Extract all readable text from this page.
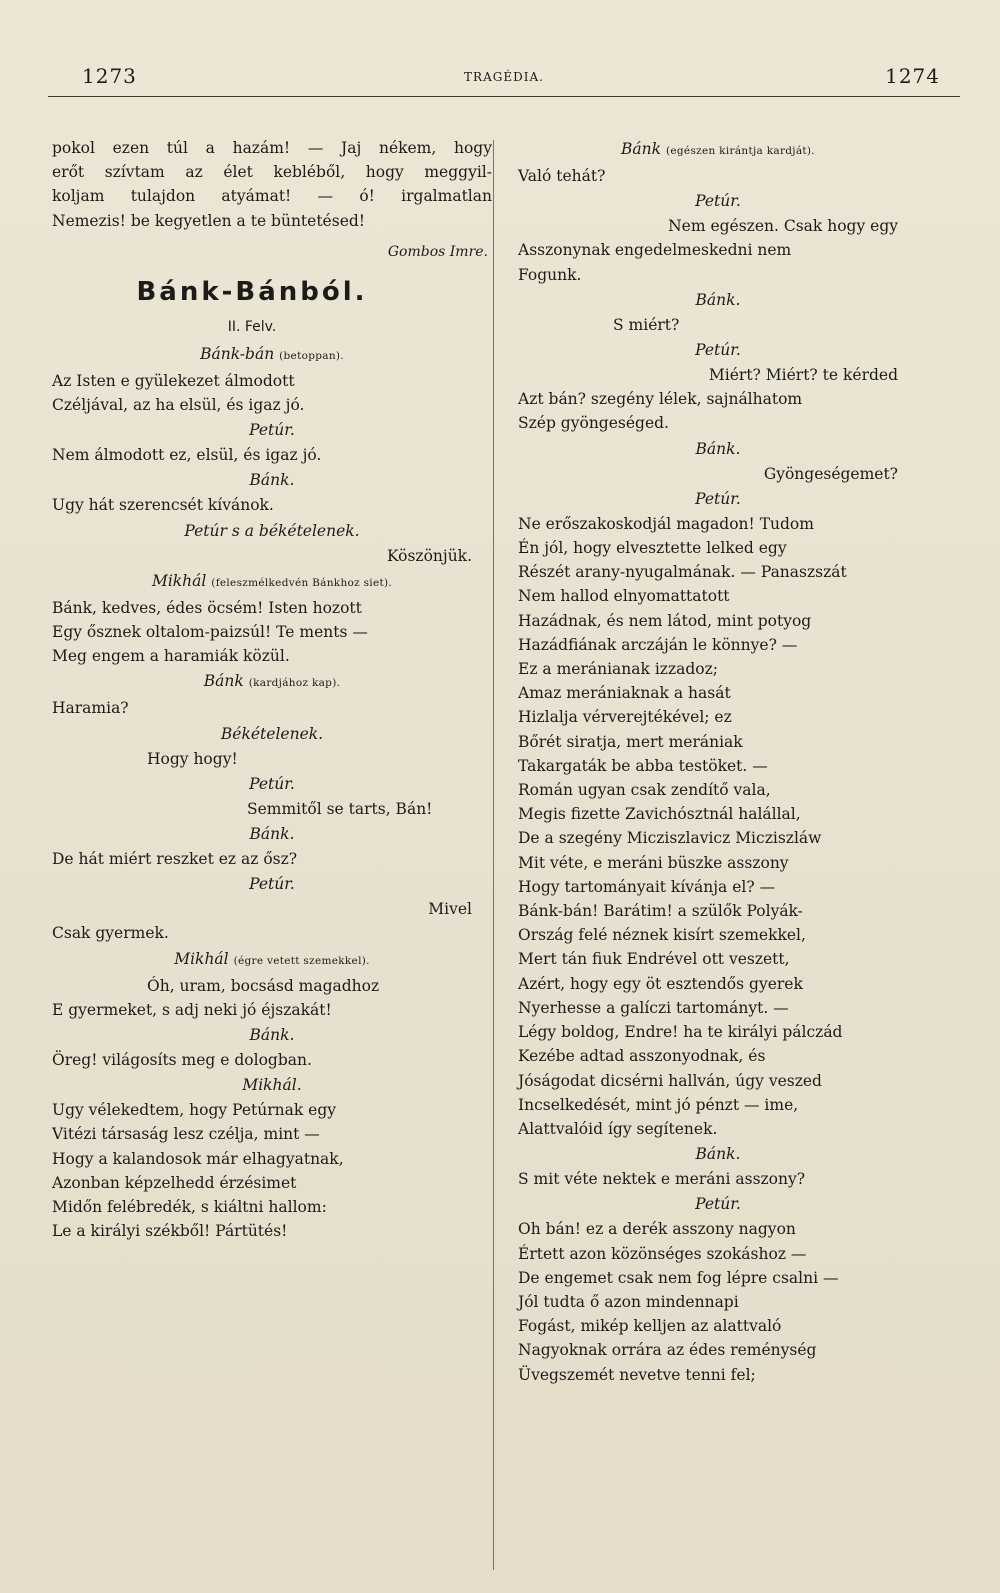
1273	TRAGÉDIA.	1274
pokol ezen túl a hazám! — Jaj nékem, hogy
erőt szívtam az élet kebléből, hogy meggyil-
koljam tulajdon atyámat! — ó! irgalmatlan
Nemezis! be kegyetlen a te büntetésed!
Gombos Imre.
Bánk-Bánból.
II. Felv.
Bánk-bán (betoppan).
Az Isten e gyülekezet álmodott
Czéljával, az ha elsül, és igaz jó.
Petúr.
Nem álmodott ez, elsül, és igaz jó.
Bánk.
Ugy hát szerencsét kívánok.
Petúr s a békételenek.
Köszönjük.
Mikhál (feleszmélkedvén Bánkhoz siet).
Bánk, kedves, édes öcsém! Isten hozott
Egy ősznek oltalom-paizsúl! Te ments —
Meg engem a haramiák közül.
Bánk (kardjához kap).
Haramia?
Békételenek.
Hogy hogy!
Petúr.
Semmitől se tarts, Bán!
Bánk.
De hát miért reszket ez az ősz?
Petúr.
Mivel
Csak gyermek.
Mikhál (égre vetett szemekkel).
Óh, uram, bocsásd magadhoz
E gyermeket, s adj neki jó éjszakát!
Bánk.
Öreg! világosíts meg e dologban.
Mikhál.
Ugy vélekedtem, hogy Petúrnak egy
Vitézi társaság lesz czélja, mint —
Hogy a kalandosok már elhagyatnak,
Azonban képzelhedd érzésimet
Midőn felébredék, s kiáltni hallom:
Le a királyi székből! Pártütés!
Bánk (egészen kirántja kardját).
Való tehát?
Petúr.
Nem egészen. Csak hogy egy
Asszonynak engedelmeskedni nem
Fogunk.
Bánk.
S miért?
Petúr.
Miért? Miért? te kérded
Azt bán? szegény lélek, sajnálhatom
Szép gyöngeséged.
Bánk.
Gyöngeségemet?
Petúr.
Ne erőszakoskodjál magadon! Tudom
Én jól, hogy elvesztette lelked egy
Részét arany-nyugalmának. — Panaszszát
Nem hallod elnyomattatott
Hazádnak, és nem látod, mint potyog
Hazádfiának arczáján le könnye? —
Ez a meránianak izzadoz;
Amaz merániaknak a hasát
Hizlalja vérverejtékével; ez
Bőrét siratja, mert merániak
Takargaták be abba testöket. —
Román ugyan csak zendítő vala,
Megis fizette Zavichósztnál halállal,
De a szegény Micziszlavicz Micziszláw
Mit véte, e meráni büszke asszony
Hogy tartományait kívánja el? —
Bánk-bán! Barátim! a szülők Polyák-
Ország felé néznek kisírt szemekkel,
Mert tán fiuk Endrével ott veszett,
Azért, hogy egy öt esztendős gyerek
Nyerhesse a galíczi tartományt. —
Légy boldog, Endre! ha te királyi pálczád
Kezébe adtad asszonyodnak, és
Jóságodat dicsérni hallván, úgy veszed
Incselkedését, mint jó pénzt — ime,
Alattvalóid így segítenek.
Bánk.
S mit véte nektek e meráni asszony?
Petúr.
Oh bán! ez a derék asszony nagyon
Értett azon közönséges szokáshoz —
De engemet csak nem fog lépre csalni —
Jól tudta ő azon mindennapi
Fogást, mikép kelljen az alattvaló
Nagyoknak orrára az édes reménység
Üvegszemét nevetve tenni fel;
